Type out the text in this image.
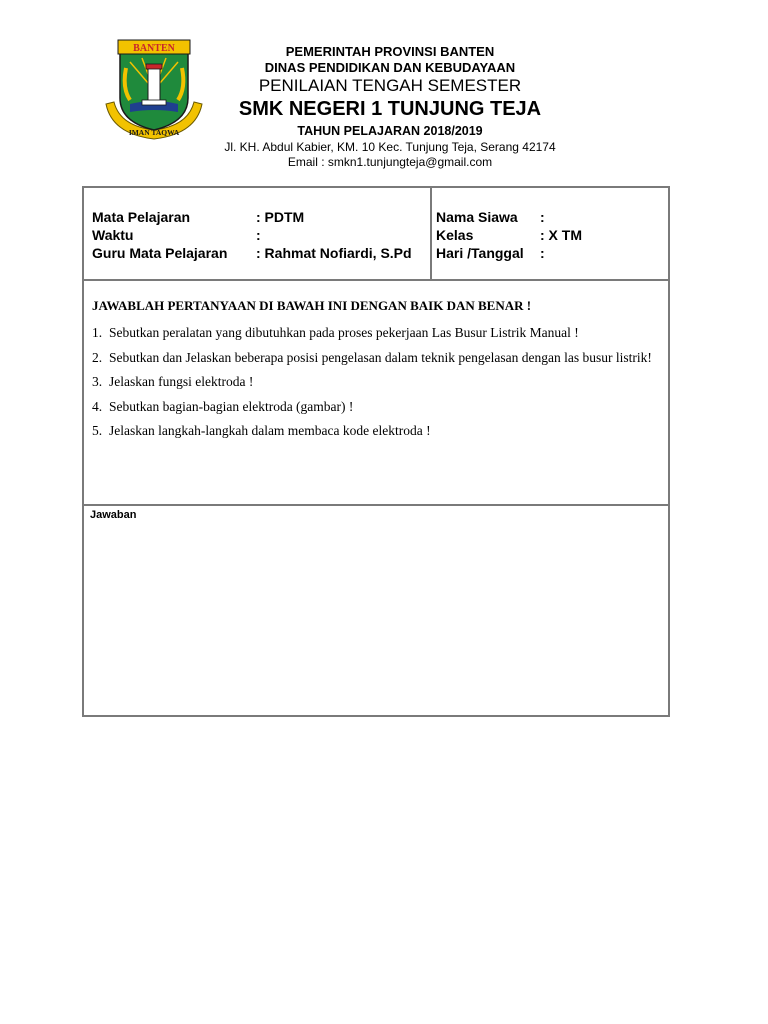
BANTEN
IMAN TAQWA
PEMERINTAH PROVINSI BANTEN
DINAS PENDIDIKAN DAN KEBUDAYAAN
PENILAIAN TENGAH SEMESTER
SMK NEGERI 1 TUNJUNG TEJA
TAHUN PELAJARAN 2018/2019
Jl. KH. Abdul Kabier, KM. 10 Kec. Tunjung Teja, Serang 42174
Email : smkn1.tunjungteja@gmail.com
Mata Pelajaran	: PDTM
Waktu	:
Guru Mata Pelajaran : Rahmat Nofiardi, S.Pd
Nama Siawa :
Kelas	: X TM
Hari /Tanggal :
JAWABLAH PERTANYAAN DI BAWAH INI DENGAN BAIK DAN BENAR !
1. Sebutkan peralatan yang dibutuhkan pada proses pekerjaan Las Busur Listrik Manual !
2. Sebutkan dan Jelaskan beberapa posisi pengelasan dalam teknik pengelasan dengan las busur listrik!
3. Jelaskan fungsi elektroda !
4. Sebutkan bagian-bagian elektroda (gambar) !
5. Jelaskan langkah-langkah dalam membaca kode elektroda !
Jawaban
